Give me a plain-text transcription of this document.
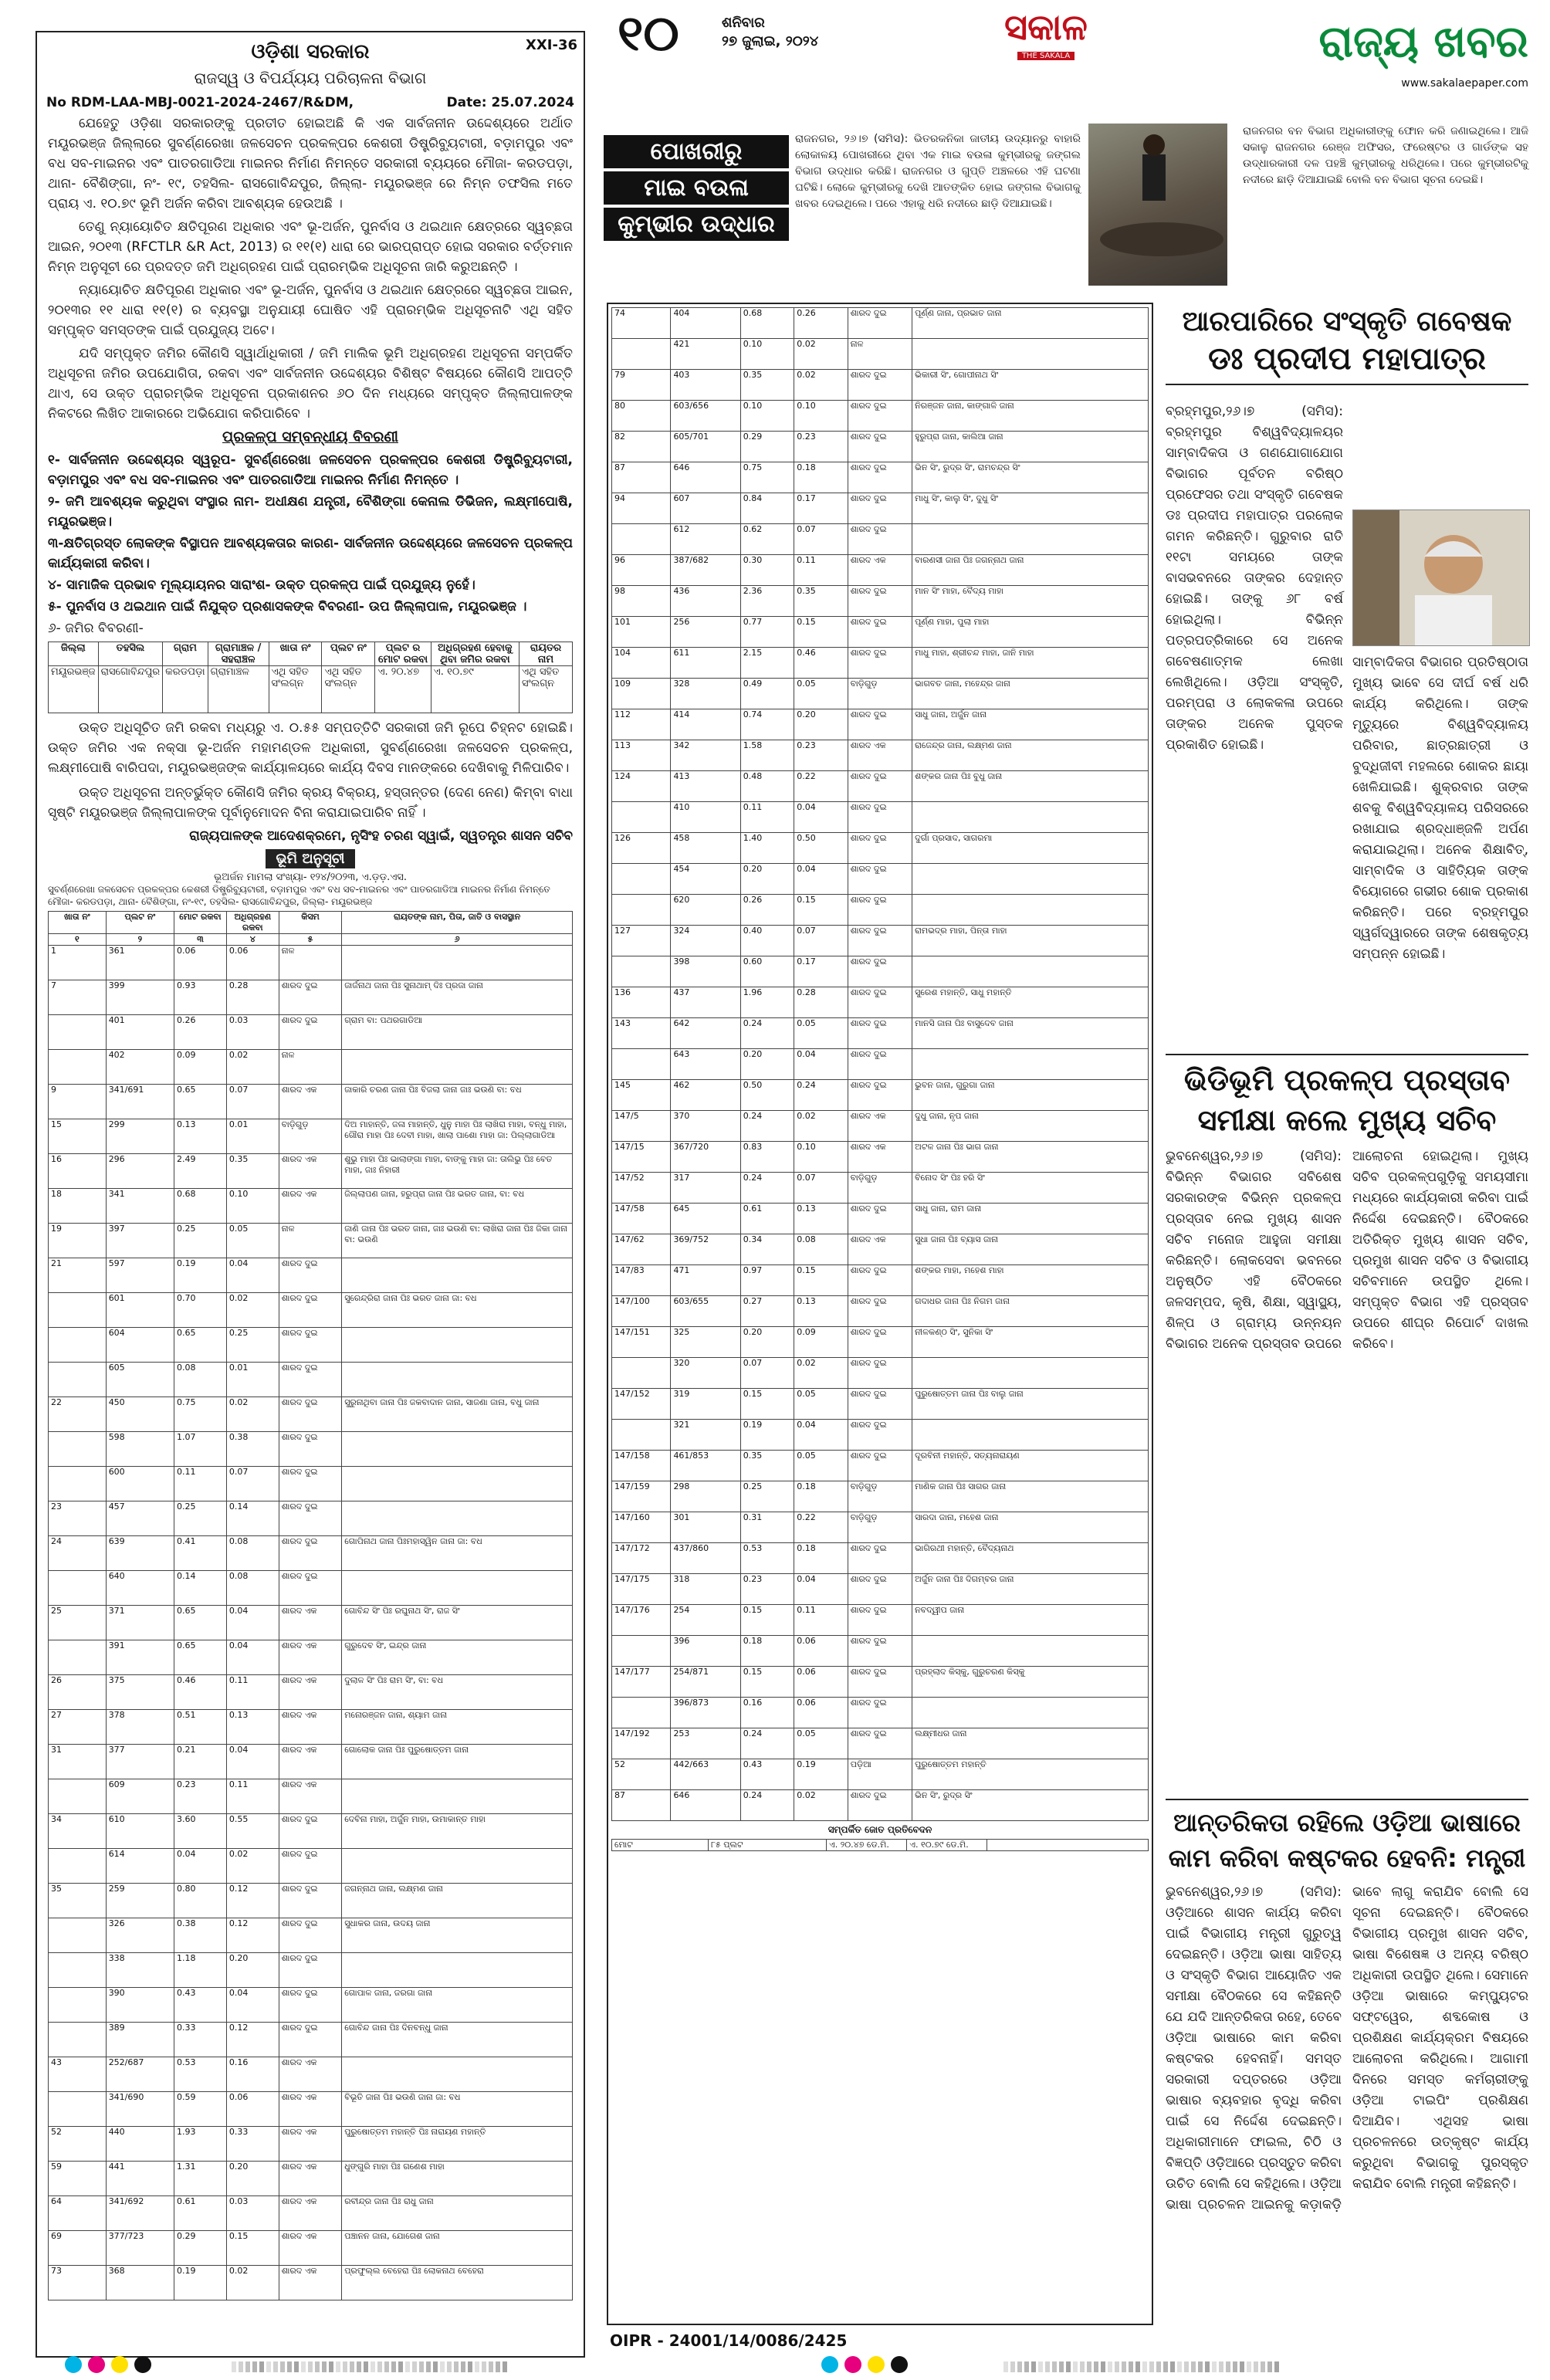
୧୦	ଶନିବାର
୨୭ ଜୁଲାଇ, ୨୦୨୪	ସକାଳ
THE SAKALA	ରାଜ୍ୟ ଖବର
www.sakalaepaper.com
XXI-36
ଓଡ଼ିଶା ସରକାର
ରାଜସ୍ୱ ଓ ବିପର୍ଯ୍ୟୟ ପରିଚାଳନା ବିଭାଗ
No RDM-LAA-MBJ-0021-2024-2467/R&DM,	Date: 25.07.2024

ଯେହେତୁ ଓଡ଼ିଶା ସରକାରଙ୍କୁ ପ୍ରତୀତ ହୋଇଅଛି କି ଏକ ସାର୍ବଜନୀନ ଉଦ୍ଦେଶ୍ୟରେ ଅର୍ଥାତ ମୟୂରଭଞ୍ଜ ଜିଲ୍ଲାରେ ସୁବର୍ଣ୍ଣରେଖା ଜଳସେଚନ ପ୍ରକଳ୍ପର କେଶରୀ ଡିଷ୍ଟ୍ରିବ୍ୟୁଟାରୀ, ବଡ଼ାମପୁର ଏବଂ ବଧ ସବ-ମାଇନର ଏବଂ ପାତରଗାଡିଆ ମାଇନର ନିର୍ମାଣ ନିମନ୍ତେ ସରକାରୀ ବ୍ୟୟରେ ମୌଜା- କରଡପଡ଼ା, ଥାନା- ବୈଶିଙ୍ଗା, ନଂ- ୧୯, ତହସିଲ- ରାସଗୋବିନ୍ଦପୁର, ଜିଲ୍ଲା- ମୟୂରଭଞ୍ଜ ରେ ନିମ୍ନ ତଫସିଲ ମତେ ପ୍ରାୟ ଏ. ୧୦.୭୯ ଭୂମି ଅର୍ଜନ କରିବା ଆବଶ୍ୟକ ହେଉଅଛି ।

ତେଣୁ ନ୍ୟାୟୋଚିତ କ୍ଷତିପୂରଣ ଅଧିକାର ଏବଂ ଭୂ-ଅର୍ଜନ, ପୁନର୍ବାସ ଓ ଥଇଥାନ କ୍ଷେତ୍ରରେ ସ୍ୱଚ୍ଛତା ଆଇନ, ୨୦୧୩ (RFCTLR &R Act, 2013) ର ୧୧(୧) ଧାରା ରେ ଭାରପ୍ରାପ୍ତ ହୋଇ ସରକାର ବର୍ତ୍ତମାନ ନିମ୍ନ ଅନୁସୂଚୀ ରେ ପ୍ରଦତ୍ତ ଜମି ଅଧିଗ୍ରହଣ ପାଇଁ ପ୍ରାରମ୍ଭିକ ଅଧିସୂଚନା ଜାରି କରୁଅଛନ୍ତି ।

ନ୍ୟାୟୋଚିତ କ୍ଷତିପୂରଣ ଅଧିକାର ଏବଂ ଭୂ-ଅର୍ଜନ, ପୁନର୍ବାସ ଓ ଥଇଥାନ କ୍ଷେତ୍ରରେ ସ୍ୱଚ୍ଛତା ଆଇନ, ୨୦୧୩ର ୧୧ ଧାରା ୧୧(୧) ର ବ୍ୟବସ୍ଥା ଅନୁଯାୟୀ ଘୋଷିତ ଏହି ପ୍ରାରମ୍ଭିକ ଅଧିସୂଚନାଟି ଏଥି ସହିତ ସମ୍ପୃକ୍ତ ସମସ୍ତଙ୍କ ପାଇଁ ପ୍ରଯୁଜ୍ୟ ଅଟେ।

ଯଦି ସମ୍ପୃକ୍ତ ଜମିର କୌଣସି ସ୍ୱାର୍ଥାଧିକାରୀ / ଜମି ମାଲିକ ଭୂମି ଅଧିଗ୍ରହଣ ଅଧିସୂଚନା ସମ୍ପର୍କିତ ଅଧିସୂଚନା ଜମିର ଉପଯୋଗିତା, ରକବା ଏବଂ ସାର୍ବଜନୀନ ଉଦ୍ଦେଶ୍ୟର ବିଶିଷ୍ଟ ବିଷୟରେ କୌଣସି ଆପତ୍ତି ଥାଏ, ସେ ଉକ୍ତ ପ୍ରାରମ୍ଭିକ ଅଧିସୂଚନା ପ୍ରକାଶନର ୬୦ ଦିନ ମଧ୍ୟରେ ସମ୍ପୃକ୍ତ ଜିଲ୍ଲାପାଳଙ୍କ ନିକଟରେ ଲିଖିତ ଆକାରରେ ଅଭିଯୋଗ କରିପାରିବେ ।

ପ୍ରକଳ୍ପ ସମ୍ବନ୍ଧୀୟ ବିବରଣୀ

୧- ସାର୍ବଜନୀନ ଉଦ୍ଦେଶ୍ୟର ସ୍ୱରୂପ- ସୁବର୍ଣ୍ଣରେଖା ଜଳସେଚନ ପ୍ରକଳ୍ପର କେଶରୀ ଡିଷ୍ଟ୍ରିବ୍ୟୁଟାରୀ, ବଡ଼ାମପୁର ଏବଂ ବଧ ସବ-ମାଇନର ଏବଂ ପାତରଗାଡିଆ ମାଇନର ନିର୍ମାଣ ନିମନ୍ତେ ।

୨- ଜମି ଆବଶ୍ୟକ କରୁଥିବା ସଂସ୍ଥାର ନାମ- ଅଧୀକ୍ଷଣ ଯନ୍ତ୍ରୀ, ବୈଶିଙ୍ଗା କେନାଲ ଡିଭିଜନ, ଲକ୍ଷ୍ମୀପୋଷି, ମୟୂରଭଞ୍ଜ।

୩-କ୍ଷତିଗ୍ରସ୍ତ ଲୋକଙ୍କ ବିସ୍ଥାପନ ଆବଶ୍ୟକତାର କାରଣ- ସାର୍ବଜନୀନ ଉଦ୍ଦେଶ୍ୟରେ ଜଳସେଚନ ପ୍ରକଳ୍ପ କାର୍ଯ୍ୟକାରୀ କରିବା।

୪- ସାମାଜିକ ପ୍ରଭାବ ମୂଲ୍ୟାୟନର ସାରାଂଶ- ଉକ୍ତ ପ୍ରକଳ୍ପ ପାଇଁ ପ୍ରଯୁଜ୍ୟ ନୁହେଁ।

୫- ପୁନର୍ବାସ ଓ ଥଇଥାନ ପାଇଁ ନିଯୁକ୍ତ ପ୍ରଶାସକଙ୍କ ବିବରଣୀ- ଉପ ଜିଲ୍ଲାପାଳ, ମୟୂରଭଞ୍ଜ ।

୬- ଜମିର ବିବରଣୀ-

ଜିଲ୍ଲା	ତହସିଲ	ଗ୍ରାମ	ଗ୍ରାମାଞ୍ଚଳ / ସହରାଞ୍ଚଳ	ଖାତା ନଂ	ପ୍ଲଟ ନଂ	ପ୍ଲଟ ର ମୋଟ ରକବା	ଅଧିଗ୍ରହଣ ହେବାକୁ ଥିବା ଜମିର ରକବା	ରାୟତର ନାମ
ମୟୂରଭଞ୍ଜ	ରାସଗୋବିନ୍ଦପୁର	କରଡପଡ଼ା	ଗ୍ରାମାଞ୍ଚଳ	ଏଥି ସହିତ ସଂଲଗ୍ନ	ଏଥି ସହିତ ସଂଲଗ୍ନ	ଏ. ୨୦.୪୭	ଏ. ୧୦.୭୯	ଏଥି ସହିତ ସଂଲଗ୍ନ

ଉକ୍ତ ଅଧିସୂଚିତ ଜମି ରକବା ମଧ୍ୟରୁ ଏ. ୦.୫୫ ସମ୍ପତ୍ତିଟି ସରକାରୀ ଜମି ରୂପେ ଚିହ୍ନଟ ହୋଇଛି। ଉକ୍ତ ଜମିର ଏକ ନକ୍ସା ଭୂ-ଅର୍ଜନ ମହାମଣ୍ଡଳ ଅଧିକାରୀ, ସୁବର୍ଣ୍ଣରେଖା ଜଳସେଚନ ପ୍ରକଳ୍ପ, ଲକ୍ଷ୍ମୀପୋଷି ବାରିପଦା, ମୟୂରଭଞ୍ଜଙ୍କ କାର୍ଯ୍ୟାଳୟରେ କାର୍ଯ୍ୟ ଦିବସ ମାନଙ୍କରେ ଦେଖିବାକୁ ମିଳିପାରିବ।

ଉକ୍ତ ଅଧିସୂଚନା ଅନ୍ତର୍ଭୁକ୍ତ କୌଣସି ଜମିର କ୍ରୟ ବିକ୍ରୟ, ହସ୍ତାନ୍ତର (ଦେଣ ନେଣ) କିମ୍ବା ବାଧା ସୃଷ୍ଟି ମୟୂରଭଞ୍ଜ ଜିଲ୍ଲାପାଳଙ୍କ ପୂର୍ବାନୁମୋଦନ ବିନା କରାଯାଇପାରିବ ନାହିଁ ।

ରାଜ୍ୟପାଳଙ୍କ ଆଦେଶକ୍ରମେ, ନୃସିଂହ ଚରଣ ସ୍ୱାଇଁ, ସ୍ୱତନ୍ତ୍ର ଶାସନ ସଚିବ

ଭୂମି ଅନୁସୂଚୀ
ଭୂଅର୍ଜନ ମାମଲା ସଂଖ୍ୟା- ୧୨୪/୨୦୨୩, ଏ.ଡ଼ଡ଼.ଏସ.
ସୁବର୍ଣ୍ଣରେଖା ଜଳସେଚନ ପ୍ରକଳ୍ପର କେଶରୀ ଡିଷ୍ଟ୍ରିବ୍ୟୁଟାରୀ, ବଡ଼ାମପୁର ଏବଂ ବଧ ସବ-ମାଇନର ଏବଂ ପାତରଗାଡିଆ ମାଇନର ନିର୍ମାଣ ନିମନ୍ତେ ମୌଜା- କରଡପଡ଼ା, ଥାନା- ବୈଶିଙ୍ଗା, ନଂ-୧୯, ତହସିଲ- ରାସଗୋବିନ୍ଦପୁର, ଜିଲ୍ଲା- ମୟୂରଭଞ୍ଜ
ଖାତା ନଂ	ପ୍ଲଟ ନଂ	ମୋଟ ରକବା	ଅଧିଗ୍ରହଣ ରକବା	କିସମ	ରାୟତଙ୍କ ନାମ, ପିତା, ଜାତି ଓ ବାସସ୍ଥାନ
୧	୨	୩	୪	୫	୬
1	361	0.06	0.06	ନାଳ	
7	399	0.93	0.28	ଶାରଦ ଦୁଇ	ଜାର୍ଜନାଥ ଜାନା ପିଃ ସୁନାଥାମ୍ ଦିଃ ପ୍ରଜା ଜାନା
	401	0.26	0.03	ଶାରଦ ଦୁଇ	ଗ୍ରାମ ବା: ପଥରଗାଡିଆ
	402	0.09	0.02	ନାଳ	
9	341/691	0.65	0.07	ଶାରଦ ଏକ	ଜାକାରି ଚରଣ ଜାନା ପିଃ ବିଜଲା ଜାନା ଜାଃ ଭଉଣି ବା: ବଧ
15	299	0.13	0.01	ବାଡ଼ିଗୁଡ଼	ଦିଅ ମାହାନ୍ତି, ଜଳା ମାହାନ୍ତି, ଧୁନୁ ମାହା ପିଃ ଲାଖିରା ମାହା, ବନ୍ଧୁ ମାହା, ଗୌରା ମାହା ପିଃ ଦେବୀ ମାହା, ଖାଲା ପାଶୋ ମାହା ଜା: ପିଲ୍ଲାଗାଡିଆ
16	296	2.49	0.35	ଶାରଦ ଏକ	ଶୁଭୁ ମାହା ପିଃ ଭାଲାଙ୍ଗା ମାହା, ବାଙ୍କୁ ମାହା ଜା: ତାଲିଭୁ ପିଃ ବେତ ମାହା, ଜାଃ ନିହାରୀ
18	341	0.68	0.10	ଶାରଦ ଏକ	ଜିଲ୍ଲାପଣ ଜାନା, ହରୁପ୍ରା ଜାନା ପିଃ ଭରତ ଜାନା, ବା: ବଧ
19	397	0.25	0.05	ନାଳ	ଜାଣି ଜାନା ପିଃ ଭରତ ଜାନା, ଜାଃ ଭଉଣି ବା: ଲାଖିରା ଜାନା ପିଃ ଜିକା ଜାନା ବା: ଭଉଣି
21	597	0.19	0.04	ଶାରଦ ଦୁଇ	
	601	0.70	0.02	ଶାରଦ ଦୁଇ	ସୁରେନ୍ଦ୍ରିରା ଜାନା ପିଃ ଭରତ ଜାନା ଜା: ବଧ
	604	0.65	0.25	ଶାରଦ ଦୁଇ	
	605	0.08	0.01	ଶାରଦ ଦୁଇ	
22	450	0.75	0.02	ଶାରଦ ଦୁଇ	ସୁରୁନାଥିବା ଜାନା ପିଃ ଜକବାଦାନ ଜାନା, ସାଜଣା ଜାନା, ବଧୁ ଜାନା
	598	1.07	0.38	ଶାରଦ ଦୁଇ	
	600	0.11	0.07	ଶାରଦ ଦୁଇ	
23	457	0.25	0.14	ଶାରଦ ଦୁଇ	
24	639	0.41	0.08	ଶାରଦ ଦୁଇ	ଗୋପିନାଥ ଜାନା ପିଃମହାସ୍ୱିନ ଜାନା ଜା: ବଧ
	640	0.14	0.08	ଶାରଦ ଦୁଇ	
25	371	0.65	0.04	ଶାରଦ ଏକ	ଗୋବିନ୍ଦ ସିଂ ପିଃ ରଘୁନାଥ ସିଂ, ରାଜ ସିଂ
	391	0.65	0.04	ଶାରଦ ଏକ	ଗୁରୁଦେବ ସିଂ, ଇନ୍ଦ୍ର ଜାନା
26	375	0.46	0.11	ଶାରଦ ଏକ	ଦୁଲାଳ ସିଂ ପିଃ ରାମ ସିଂ, ବା: ବଧ
27	378	0.51	0.13	ଶାରଦ ଏକ	ମନୋରଞ୍ଜନ ଜାନା, ଶ୍ୟାମ ଜାନା
31	377	0.21	0.04	ଶାରଦ ଏକ	ଗୋଲୋକ ଜାନା ପିଃ ପୁରୁଷୋତ୍ତମ ଜାନା
	609	0.23	0.11	ଶାରଦ ଏକ	
34	610	3.60	0.55	ଶାରଦ ଦୁଇ	ଦେବିନା ମାହା, ଅର୍ଜୁନ ମାହା, ଉମାକାନ୍ତ ମାହା
	614	0.04	0.02	ଶାରଦ ଦୁଇ	
35	259	0.80	0.12	ଶାରଦ ଦୁଇ	ଜଗନ୍ନାଥ ଜାନା, ଲକ୍ଷ୍ମଣ ଜାନା
	326	0.38	0.12	ଶାରଦ ଦୁଇ	ସୁଧାକର ଜାନା, ଉଦୟ ଜାନା
	338	1.18	0.20	ଶାରଦ ଦୁଇ	
	390	0.43	0.04	ଶାରଦ ଦୁଇ	ଗୋପାଳ ଜାନା, ଜରଗା ଜାନା
	389	0.33	0.12	ଶାରଦ ଦୁଇ	ଗୋବିନ୍ଦ ଜାନା ପିଃ ଦିନବନ୍ଧୁ ଜାନା
43	252/687	0.53	0.16	ଶାରଦ ଏକ	
	341/690	0.59	0.06	ଶାରଦ ଏକ	ବିଭୂତି ଜାନା ପିଃ ଭଉଣି ଜାନା ଜା: ବଧ
52	440	1.93	0.33	ଶାରଦ ଏକ	ପୁରୁଷୋତ୍ତମ ମହାନ୍ତି ପିଃ ନାରାୟଣ ମହାନ୍ତି
59	441	1.31	0.20	ଶାରଦ ଏକ	ଧୁଙ୍ଗୁରି ମାହା ପିଃ ଗଣେଶ ମାହା
64	341/692	0.61	0.03	ଶାରଦ ଏକ	ରବୀନ୍ଦ୍ର ଜାନା ପିଃ ରାଧୁ ଜାନା
69	377/723	0.29	0.15	ଶାରଦ ଏକ	ପଞ୍ଚାନନ ଜାନା, ଯୋଗେଶ ଜାନା
73	368	0.19	0.02	ଶାରଦ ଏକ	ପ୍ରଫୁଲ୍ଲ ବେହେରା ପିଃ ଲୋକନାଥ ବେହେରା
ପୋଖରୀରୁ
ମାଇ ବଉଳା
କୁମ୍ଭୀର ଉଦ୍ଧାର
ରାଜନଗର, ୨୬।୭ (ସମିସ): ଭିତରକନିକା ଜାତୀୟ ଉଦ୍ୟାନରୁ ବାହାରି ଲୋକାଳୟ ପୋଖରୀରେ ଥିବା ଏକ ମାଇ ବଉଳା କୁମ୍ଭୀରକୁ ଜଙ୍ଗଲ ବିଭାଗ ଉଦ୍ଧାର କରିଛି। ରାଜନଗର ଓ ଗୁପ୍ତି ଅଞ୍ଚଳରେ ଏହି ଘଟଣା ଘଟିଛି। ଲୋକେ କୁମ୍ଭୀରକୁ ଦେଖି ଆତଙ୍କିତ ହୋଇ ଜଙ୍ଗଲ ବିଭାଗକୁ ଖବର ଦେଇଥିଲେ। ପରେ ଏହାକୁ ଧରି ନଦୀରେ ଛାଡ଼ି ଦିଆଯାଇଛି।
ରାଜନଗର ବନ ବିଭାଗ ଅଧିକାରୀଙ୍କୁ ଫୋନ କରି ଜଣାଇଥିଲେ। ଆଜି ସକାଳୁ ରାଜନଗର ରେଞ୍ଜ ଅଫିସର, ଫରେଷ୍ଟର ଓ ଗାର୍ଡଙ୍କ ସହ ଉଦ୍ଧାରକାରୀ ଦଳ ପହଞ୍ଚି କୁମ୍ଭୀରକୁ ଧରିଥିଲେ। ପରେ କୁମ୍ଭୀରଟିକୁ ନଦୀରେ ଛାଡ଼ି ଦିଆଯାଇଛି ବୋଲି ବନ ବିଭାଗ ସୂଚନା ଦେଇଛି।
74	404	0.68	0.26	ଶାରଦ ଦୁଇ	ପୂର୍ଣ୍ଣ ଜାନା, ପ୍ରଭାତ ଜାନା
	421	0.10	0.02	ନାଳ	
79	403	0.35	0.02	ଶାରଦ ଦୁଇ	ଭିକାରୀ ସିଂ, ଗୋପୀନାଥ ସିଂ
80	603/656	0.10	0.10	ଶାରଦ ଦୁଇ	ନିରଞ୍ଜନ ଜାନା, କାଙ୍ଗାଳି ଜାନା
82	605/701	0.29	0.23	ଶାରଦ ଦୁଇ	ହୁରୁପ୍ରା ଜାନା, କାଲିଆ ଜାନା
87	646	0.75	0.18	ଶାରଦ ଦୁଇ	ଭିନ ସିଂ, ରୁଦ୍ର ସିଂ, ରାମଚନ୍ଦ୍ର ସିଂ
94	607	0.84	0.17	ଶାରଦ ଦୁଇ	ମାଧୁ ସିଂ, କାଲୁ ସିଂ, ଦୁଧୁ ସିଂ
	612	0.62	0.07	ଶାରଦ ଦୁଇ	
96	387/682	0.30	0.11	ଶାରଦ ଏକ	ବାରଣସୀ ଜାନା ପିଃ ଜଗନ୍ନାଥ ଜାନା
98	436	2.36	0.35	ଶାରଦ ଦୁଇ	ମାନ ସିଂ ମାହା, ବୈଦ୍ୟ ମାହା
101	256	0.77	0.15	ଶାରଦ ଦୁଇ	ପୂର୍ଣ୍ଣ ମାହା, ପୁଲା ମାହା
104	611	2.15	0.46	ଶାରଦ ଦୁଇ	ମାଧୁ ମାହା, ଶ୍ରୀଚନ୍ଦ ମାହା, ଜାନି ମାହା
109	328	0.49	0.05	ବାଡ଼ିଗୁଡ଼	ଭାଗବତ ଜାନା, ମହେନ୍ଦ୍ର ଜାନା
112	414	0.74	0.20	ଶାରଦ ଦୁଇ	ସାଧୁ ଜାନା, ଅର୍ଜୁନ ଜାନା
113	342	1.58	0.23	ଶାରଦ ଏକ	ରାଜେନ୍ଦ୍ର ଜାନା, ଲକ୍ଷ୍ମଣ ଜାନା
124	413	0.48	0.22	ଶାରଦ ଦୁଇ	ଶଙ୍କର ଜାନା ପିଃ ବୁଧୁ ଜାନା
	410	0.11	0.04	ଶାରଦ ଦୁଇ	
126	458	1.40	0.50	ଶାରଦ ଦୁଇ	ଦୁର୍ଗା ପ୍ରସାଦ, ସାଗରମା
	454	0.20	0.04	ଶାରଦ ଦୁଇ	
	620	0.26	0.15	ଶାରଦ ଦୁଇ	
127	324	0.40	0.07	ଶାରଦ ଦୁଇ	ରାମଭଦ୍ର ମାହା, ପିନ୍ତା ମାହା
	398	0.60	0.17	ଶାରଦ ଦୁଇ	
136	437	1.96	0.28	ଶାରଦ ଦୁଇ	ସୁରେଶ ମହାନ୍ତି, ସାଧୁ ମହାନ୍ତି
143	642	0.24	0.05	ଶାରଦ ଦୁଇ	ମାନସି ଜାନା ପିଃ ବାସୁଦେବ ଜାନା
	643	0.20	0.04	ଶାରଦ ଦୁଇ	
145	462	0.50	0.24	ଶାରଦ ଦୁଇ	ଭୁବନ ଜାନା, ଗୁରୁଗା ଜାନା
147/5	370	0.24	0.02	ଶାରଦ ଏକ	ଦୁଧୁ ଜାନା, ନୃପ ଜାନା
147/15	367/720	0.83	0.10	ଶାରଦ ଏକ	ଅଟଳ ଜାନା ପିଃ ଭାଗ ଜାନା
147/52	317	0.24	0.07	ବାଡ଼ିଗୁଡ଼	ବିନୋଦ ସିଂ ପିଃ ହରି ସିଂ
147/58	645	0.61	0.13	ଶାରଦ ଦୁଇ	ସାଧୁ ଜାନା, ରାମ ଜାନା
147/62	369/752	0.34	0.08	ଶାରଦ ଏକ	ସୁଧା ଜାନା ପିଃ ବ୍ୟାସ ଜାନା
147/83	471	0.97	0.15	ଶାରଦ ଦୁଇ	ଶଙ୍କର ମାହା, ମହେଶ ମାହା
147/100	603/655	0.27	0.13	ଶାରଦ ଦୁଇ	ଗଦାଧର ଜାନା ପିଃ ନିଗମ ଜାନା
147/151	325	0.20	0.09	ଶାରଦ ଦୁଇ	ନୀଳକଣ୍ଠ ସିଂ, ସୁନିକା ସିଂ
	320	0.07	0.02	ଶାରଦ ଦୁଇ	
147/152	319	0.15	0.05	ଶାରଦ ଦୁଇ	ପୁରୁଷୋତ୍ତମ ଜାନା ପିଃ ବାଲୁ ଜାନା
	321	0.19	0.04	ଶାରଦ ଦୁଇ	
147/158	461/853	0.35	0.05	ଶାରଦ ଦୁଇ	ଦୂରବିନୀ ମହାନ୍ତି, ସତ୍ୟନାରାୟଣ
147/159	298	0.25	0.18	ବାଡ଼ିଗୁଡ଼	ମାଣିକ ଜାନା ପିଃ ସାଗର ଜାନା
147/160	301	0.31	0.22	ବାଡ଼ିଗୁଡ଼	ସାରଦା ଜାନା, ମହେଶ ଜାନା
147/172	437/860	0.53	0.18	ଶାରଦ ଦୁଇ	ଭାଗିରଥୀ ମହାନ୍ତି, ବୈଦ୍ୟନାଥ
147/175	318	0.23	0.04	ଶାରଦ ଦୁଇ	ଅର୍ଜୁନ ଜାନା ପିଃ ଦିଗମ୍ବର ଜାନା
147/176	254	0.15	0.11	ଶାରଦ ଦୁଇ	ନବଦ୍ୱୀପ ଜାନା
	396	0.18	0.06	ଶାରଦ ଦୁଇ	
147/177	254/871	0.15	0.06	ଶାରଦ ଦୁଇ	ପ୍ରହ୍ଲାଦ କିସ୍କୁ, ଗୁରୁଚରଣ କିସ୍କୁ
	396/873	0.16	0.06	ଶାରଦ ଦୁଇ	
147/192	253	0.24	0.05	ଶାରଦ ଦୁଇ	ଲକ୍ଷ୍ମୀଧର ଜାନା
52	442/663	0.43	0.19	ପଡ଼ିଆ	ପୁରୁଷୋତ୍ତମ ମହାନ୍ତି
87	646	0.24	0.02	ଶାରଦ ଦୁଇ	ଭିନ ସିଂ, ରୁଦ୍ର ସିଂ
ସମ୍ପର୍କିତ ଜୋତ ପ୍ରତିବେଦନ
ମୋଟ	୮୫ ପ୍ଲଟ	ଏ. ୨୦.୪୭ ଡେ.ମି.	ଏ. ୧୦.୭୯ ଡେ.ମି.	
OIPR - 24001/14/0086/2425
ଆରପାରିରେ ସଂସ୍କୃତି ଗବେଷକ
ଡଃ ପ୍ରଦୀପ ମହାପାତ୍ର
ବ୍ରହ୍ମପୁର,୨୬।୭ (ସମିସ): ବ୍ରହ୍ମପୁର ବିଶ୍ୱବିଦ୍ୟାଳୟର ସାମ୍ବାଦିକତା ଓ ଗଣଯୋଗାଯୋଗ ବିଭାଗର ପୂର୍ବତନ ବରିଷ୍ଠ ପ୍ରଫେସର ତଥା ସଂସ୍କୃତି ଗବେଷକ ଡଃ ପ୍ରଦୀପ ମହାପାତ୍ର ପରଲୋକ ଗମନ କରିଛନ୍ତି। ଗୁରୁବାର ରାତି ୧୧ଟା ସମୟରେ ତାଙ୍କ ବାସଭବନରେ ତାଙ୍କର ଦେହାନ୍ତ ହୋଇଛି। ତାଙ୍କୁ ୬୮ ବର୍ଷ ହୋଇଥିଲା। ବିଭିନ୍ନ ପତ୍ରପତ୍ରିକାରେ ସେ ଅନେକ ଗବେଷଣାତ୍ମକ ଲେଖା ଲେଖିଥିଲେ। ଓଡ଼ିଆ ସଂସ୍କୃତି, ପରମ୍ପରା ଓ ଲୋକକଳା ଉପରେ ତାଙ୍କର ଅନେକ ପୁସ୍ତକ ପ୍ରକାଶିତ ହୋଇଛି।
ସାମ୍ବାଦିକତା ବିଭାଗର ପ୍ରତିଷ୍ଠାତା ମୁଖ୍ୟ ଭାବେ ସେ ଦୀର୍ଘ ବର୍ଷ ଧରି କାର୍ଯ୍ୟ କରିଥିଲେ। ତାଙ୍କ ମୃତ୍ୟୁରେ ବିଶ୍ୱବିଦ୍ୟାଳୟ ପରିବାର, ଛାତ୍ରଛାତ୍ରୀ ଓ ବୁଦ୍ଧିଜୀବୀ ମହଲରେ ଶୋକର ଛାୟା ଖେଳିଯାଇଛି। ଶୁକ୍ରବାର ତାଙ୍କ ଶବକୁ ବିଶ୍ୱବିଦ୍ୟାଳୟ ପରିସରରେ ରଖାଯାଇ ଶ୍ରଦ୍ଧାଞ୍ଜଳି ଅର୍ପଣ କରାଯାଇଥିଲା। ଅନେକ ଶିକ୍ଷାବିତ୍, ସାମ୍ବାଦିକ ଓ ସାହିତ୍ୟିକ ତାଙ୍କ ବିୟୋଗରେ ଗଭୀର ଶୋକ ପ୍ରକାଶ କରିଛନ୍ତି। ପରେ ବ୍ରହ୍ମପୁର ସ୍ୱର୍ଗଦ୍ୱାରରେ ତାଙ୍କ ଶେଷକୃତ୍ୟ ସମ୍ପନ୍ନ ହୋଇଛି।
ଭିଡିଭୂମି ପ୍ରକଳ୍ପ ପ୍ରସ୍ତାବ
ସମୀକ୍ଷା କଲେ ମୁଖ୍ୟ ସଚିବ
ଭୁବନେଶ୍ୱର,୨୬।୭ (ସମିସ): ବିଭିନ୍ନ ବିଭାଗର ସବିଶେଷ ସରକାରଙ୍କ ବିଭିନ୍ନ ପ୍ରକଳ୍ପ ପ୍ରସ୍ତାବ ନେଇ ମୁଖ୍ୟ ଶାସନ ସଚିବ ମନୋଜ ଆହୁଜା ସମୀକ୍ଷା କରିଛନ୍ତି। ଲୋକସେବା ଭବନରେ ଅନୁଷ୍ଠିତ ଏହି ବୈଠକରେ ଜଳସମ୍ପଦ, କୃଷି, ଶିକ୍ଷା, ସ୍ୱାସ୍ଥ୍ୟ, ଶିଳ୍ପ ଓ ଗ୍ରାମ୍ୟ ଉନ୍ନୟନ ବିଭାଗର ଅନେକ ପ୍ରସ୍ତାବ ଉପରେ ଆଲୋଚନା ହୋଇଥିଲା। ମୁଖ୍ୟ ସଚିବ ପ୍ରକଳ୍ପଗୁଡ଼ିକୁ ସମୟସୀମା ମଧ୍ୟରେ କାର୍ଯ୍ୟକାରୀ କରିବା ପାଇଁ ନିର୍ଦ୍ଦେଶ ଦେଇଛନ୍ତି। ବୈଠକରେ ଅତିରିକ୍ତ ମୁଖ୍ୟ ଶାସନ ସଚିବ, ପ୍ରମୁଖ ଶାସନ ସଚିବ ଓ ବିଭାଗୀୟ ସଚିବମାନେ ଉପସ୍ଥିତ ଥିଲେ। ସମ୍ପୃକ୍ତ ବିଭାଗ ଏହି ପ୍ରସ୍ତାବ ଉପରେ ଶୀଘ୍ର ରିପୋର୍ଟ ଦାଖଲ କରିବେ।
ଆନ୍ତରିକତା ରହିଲେ ଓଡ଼ିଆ ଭାଷାରେ
କାମ କରିବା କଷ୍ଟକର ହେବନି: ମନ୍ତ୍ରୀ
ଭୁବନେଶ୍ୱର,୨୬।୭ (ସମିସ): ଓଡ଼ିଆରେ ଶାସନ କାର୍ଯ୍ୟ କରିବା ପାଇଁ ବିଭାଗୀୟ ମନ୍ତ୍ରୀ ଗୁରୁତ୍ୱ ଦେଇଛନ୍ତି। ଓଡ଼ିଆ ଭାଷା ସାହିତ୍ୟ ଓ ସଂସ୍କୃତି ବିଭାଗ ଆୟୋଜିତ ଏକ ସମୀକ୍ଷା ବୈଠକରେ ସେ କହିଛନ୍ତି ଯେ ଯଦି ଆନ୍ତରିକତା ରହେ, ତେବେ ଓଡ଼ିଆ ଭାଷାରେ କାମ କରିବା କଷ୍ଟକର ହେବନାହିଁ। ସମସ୍ତ ସରକାରୀ ଦପ୍ତରରେ ଓଡ଼ିଆ ଭାଷାର ବ୍ୟବହାର ବୃଦ୍ଧି କରିବା ପାଇଁ ସେ ନିର୍ଦ୍ଦେଶ ଦେଇଛନ୍ତି। ଅଧିକାରୀମାନେ ଫାଇଲ, ଚିଠି ଓ ବିଜ୍ଞପ୍ତି ଓଡ଼ିଆରେ ପ୍ରସ୍ତୁତ କରିବା ଉଚିତ ବୋଲି ସେ କହିଥିଲେ। ଓଡ଼ିଆ ଭାଷା ପ୍ରଚଳନ ଆଇନକୁ କଡ଼ାକଡ଼ି ଭାବେ ଲାଗୁ କରାଯିବ ବୋଲି ସେ ସୂଚନା ଦେଇଛନ୍ତି। ବୈଠକରେ ବିଭାଗୀୟ ପ୍ରମୁଖ ଶାସନ ସଚିବ, ଭାଷା ବିଶେଷଜ୍ଞ ଓ ଅନ୍ୟ ବରିଷ୍ଠ ଅଧିକାରୀ ଉପସ୍ଥିତ ଥିଲେ। ସେମାନେ ଓଡ଼ିଆ ଭାଷାରେ କମ୍ପ୍ୟୁଟର ସଫ୍ଟୱେର, ଶବ୍ଦକୋଷ ଓ ପ୍ରଶିକ୍ଷଣ କାର୍ଯ୍ୟକ୍ରମ ବିଷୟରେ ଆଲୋଚନା କରିଥିଲେ। ଆଗାମୀ ଦିନରେ ସମସ୍ତ କର୍ମଚାରୀଙ୍କୁ ଓଡ଼ିଆ ଟାଇପିଂ ପ୍ରଶିକ୍ଷଣ ଦିଆଯିବ। ଏଥିସହ ଭାଷା ପ୍ରଚଳନରେ ଉତ୍କୃଷ୍ଟ କାର୍ଯ୍ୟ କରୁଥିବା ବିଭାଗକୁ ପୁରସ୍କୃତ କରାଯିବ ବୋଲି ମନ୍ତ୍ରୀ କହିଛନ୍ତି।
